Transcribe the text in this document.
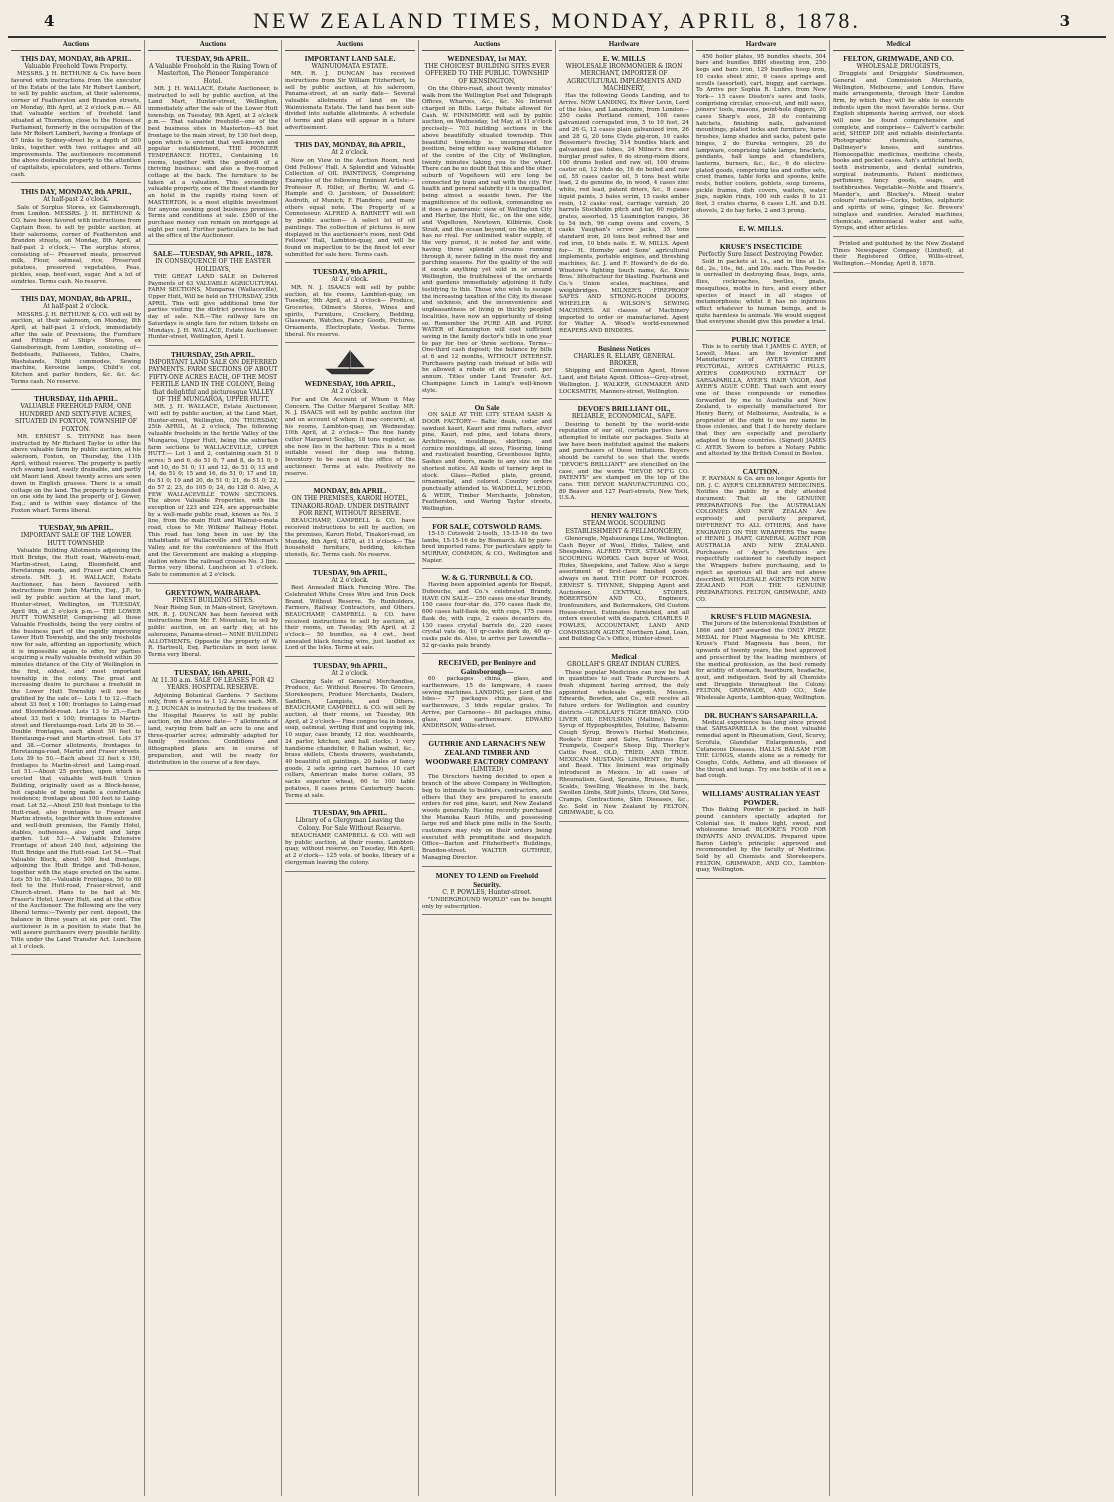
4	NEW ZEALAND TIMES, MONDAY, APRIL 8, 1878.	3
Auctions
THIS DAY, MONDAY, 8th APRIL.
Valuable Freehold Town Property.
MESSRS. J. H. BETHUNE & Co. have been favored with instructions from the executor of the Estate of the late Mr Robert Lambert, to sell by public auction, at their salerooms, corner of Featherston and Brandon streets, on Monday, 8th April, at 2 o'clock p.m.— All that valuable section of freehold land situated at Thorndon, close to the Houses of Parliament, formerly in the occupation of the late Mr Robert Lambert, having a frontage of 67 links to Sydney-street by a depth of 300 links, together with two cottages and all improvements. The auctioneers recommend the above desirable property to the attention of capitalists, speculators, and others. Terms cash.
THIS DAY, MONDAY, 8th APRIL,
At half-past 2 o'clock.
Sale of Surplus Stores, ex Gainsborough, from London. MESSRS. J. H. BETHUNE & CO. have been favored with instructions from Captain Bose, to sell by public auction, at their salerooms, corner of Featherston and Brandon streets, on Monday, 8th April, at half-past 2 o'clock,— The surplus stores, consisting of— Preserved meats, preserved milk, Flour, oatmeal, rice, Preserved potatoes, preserved vegetables, Peas, pickles, soap, beef-suet, sugar, And a lot of sundries. Terms cash. No reserve.
THIS DAY, MONDAY, 8th APRIL,
At half-past 2 o'clock.
MESSRS. J. H. BETHUNE & CO. will sell by auction, at their saleroom, on Monday, 8th April, at half-past 2 o'clock, immediately after the sale of Provisions, the Furniture and Fittings of Ship's Stores, ex Gainsborough, from London, consisting of— Bedsteads, Palliasses, Tables, Chairs, Washstands, Night commodes, Sewing machine, Kerosine lamps, Child's cot, Kitchen and parlor fenders, &c. &c. &c. Terms cash. No reserve.
THURSDAY, 11th APRIL.
VALUABLE FREEHOLD FARM, ONE HUNDRED AND SIXTY-FIVE ACRES, SITUATED IN FOXTON, TOWNSHIP OF FOXTON.
MR. ERNEST S. THYNNE has been instructed by Mr Richard Taylor to offer the above valuable farm by public auction, at his saleroom, Foxton, on Thursday, the 11th April, without reserve. The property is partly rich swamp land, easily drainable, and partly old Maori land. About twenty acres are sown down in English grasses. There is a small cottage on the land. The property is bounded on one side by land the property of J. Gower, Esq.; and is within easy distance of the Foxton wharf. Terms liberal.
TUESDAY, 9th APRIL.
IMPORTANT SALE OF THE LOWER HUTT TOWNSHIP.
Valuable Building Allotments adjoining the Hutt Bridge, the Hutt road, Waiwetu-road, Martin-street, Laing, Bloomfield, and Heretaunga roads, and Fraser and Church streets. MR. J. H. WALLACE, Estate Auctioneer, has been favoured with instructions from John Martin, Esq., J.P., to sell by public auction at the land mart, Hunter-street, Wellington, on TUESDAY, April 9th, at 2 o'clock p.m.— THE LOWER HUTT TOWNSHIP, Comprising all those Valuable Freeholds, being the very centre of the business part of the rapidly improving Lower Hutt Township, and the only freeholds now for sale, affording an opportunity, which it is impossible again to offer, for parties acquiring a really valuable freehold within 30 minutes distance of the City of Wellington in the first, oldest, and most important township in the colony. The great and increasing desire to purchase a freehold in the Lower Hutt Township will now be gratified by the sale of— Lots 1 to 12.—Each about 33 feet x 100; frontages to Laing-road and Bloomfield-road. Lots 13 to 25.—Each about 33 feet x 100; frontages to Martin-street and Heretaunga-road. Lots 26 to 36.—Double frontages, each about 50 feet to Heretaunga-road and Martin-street. Lots 37 and 38.—Corner allotments, frontages to Heretaunga-road, Martin and Fraser streets. Lots 39 to 50.—Each about 33 feet x 150, frontages to Martin-street and Laing-road. Lot 51.—About 25 perches, upon which is erected that valuable well-built Union Building, originally used as a Block-house, but capable of being made a comfortable residence; frontage about 100 feet to Laing-road. Lot 52.—About 250 feet frontage to the Hutt-road, also frontages to Fraser and Martin streets, together with those extensive and well-built premises, the Family Hotel, stables, outhouses, also yard and large garden. Lot 53.—A Valuable Extensive Frontage of about 240 feet, adjoining the Hutt Bridge and the Hutt-road. Lot 54.—That Valuable Block, about 500 feet frontage, adjoining the Hutt Bridge and Toll-house, together with the stage erected on the same. Lots 55 to 58.—Valuable Frontages, 50 to 60 feet to the Hutt-road, Fraser-street, and Church-street. Plans to be had at Mr. Fraser's Hotel, Lower Hutt, and at the office of the Auctioneer. The following are the very liberal terms:—Twenty per cent. deposit, the balance in three years at six per cent. The auctioneer is in a position to state that he will assure purchasers every possible facility. Title under the Land Transfer Act. Luncheon at 1 o'clock.
Auctions
TUESDAY, 9th APRIL.
A Valuable Freehold in the Rising Town of Masterton, The Pioneer Temperance Hotel.
MR. J. H. WALLACE, Estate Auctioneer, is instructed to sell by public auction, at the Land Mart, Hunter-street, Wellington, immediately after the sale of the Lower Hutt township, on Tuesday, 9th April, at 2 o'clock p.m.— That valuable freehold—one of the best business sites in Masterton—45 feet frontage to the main street, by 130 feet deep, upon which is erected that well-known and popular establishment, THE PIONEER TEMPERANCE HOTEL, Containing 16 rooms, together with the goodwill of a thriving business; and also a five-roomed cottage at the back. The furniture to be taken at a valuation. This exceedingly valuable property, one of the finest stands for an hotel in the rapidly rising town of MASTERTON, is a most eligible investment for anyone seeking good business premises. Terms and conditions at sale. £500 of the purchase money can remain on mortgage at eight per cent. Further particulars to be had at the office of the Auctioneer.
SALE—TUESDAY, 9th APRIL, 1878.
IN CONSEQUENCE OF THE EASTER HOLIDAYS,
THE GREAT LAND SALE on Deferred Payments of 63 VALUABLE AGRICULTURAL FARM SECTIONS, Mungaroa (Wallaceville), Upper Hutt, Will be held on THURSDAY, 25th APRIL. This will give additional time for parties visiting the district previous to the day of sale. N.B.—The railway fare on Saturdays is single fare for return tickets on Mondays. J. H. WALLACE, Estate Auctioneer. Hunter-street, Wellington, April 1.
THURSDAY, 25th APRIL.
IMPORTANT LAND SALE ON DEFERRED PAYMENTS. FARM SECTIONS OF ABOUT FIFTY-ONE ACRES EACH, OF THE MOST FERTILE LAND IN THE COLONY, Being that delightful and picturesque VALLEY OF THE MUNGAROA, UPPER HUTT.
MR. J. H. WALLACE, Estate Auctioneer, will sell by public auction, at the Land Mart, Hunter-street, Wellington, ON THURSDAY, 25th APRIL, At 2 o'clock, The following valuable freeholds in the fertile Valley of the Mungaroa, Upper Hutt, being the suburban farm sections to WALLACEVILLE, UPPER HUTT:— Lot 1 and 2, containing each 51 0 acres; 5 and 6, do 51 0; 7 and 8, do 51 0; 9 and 10, do 51 0; 11 and 12, do 51 0; 13 and 14, do 51 0; 15 and 16, do 51 0; 17 and 18, do 51 0; 19 and 20, do 51 0; 21, do 51 0; 22, do 57 2; 23, do 105 0; 24, do 128 0. Also, A FEW WALLACEVILLE TOWN SECTIONS. The above Valuable Properties, with the exception of 223 and 224, are approachable by a well-made public road, known as No. 3 line, from the main Hutt and Wainui-o-mata road, close to Mr. Wilkins' Railway Hotel. This road has long been in use by the inhabitants of Wallaceville and Whiteman's Valley, and for the convenience of the Hutt and the Government are making a stopping-station where the railroad crosses No. 3 line. Terms very liberal. Luncheon at 1 o'clock. Sale to commence at 2 o'clock.
GREYTOWN, WAIRARAPA.
FINEST BUILDING SITES.
Near Rising Sun, in Main-street, Greytown. MR. R. J. DUNCAN has been favored with instructions from Mr. F. Mountain, to sell by public auction, on an early day, at his salerooms, Panama-street— NINE BUILDING ALLOTMENTS, Opposite the property of W. R. Hartwell, Esq. Particulars in next issue. Terms very liberal.
TUESDAY, 16th APRIL,
At 11.30 a.m. SALE OF LEASES FOR 42 YEARS. HOSPITAL RESERVE.
Adjoining Botanical Gardens. 7 Sections only, from 4 acres to 1 1/2 Acres each. MR. R. J. DUNCAN is instructed by the trustees of the Hospital Reserve to sell by public auction, on the above date— 7 allotments of land, varying from half an acre to one and three-quarter acres; admirably adapted for family residences. Conditions and lithographed plans are in course of preparation, and will be ready for distribution in the course of a few days.
Auctions
IMPORTANT LAND SALE.
WAINUIOMATA ESTATE.
MR. R. J. DUNCAN has received instructions from Sir William Fitzherbert, to sell by public auction, at his saleroom, Panama-street, at an early date— Several valuable allotments of land on the Wainuiomata Estate. The land has been sub-divided into suitable allotments. A schedule of terms and plans will appear in a future advertisement.
THIS DAY, MONDAY, 8th APRIL,
At 2 o'clock.
Now on View in the Auction Room, next Odd Fellows' Hall. A Splendid and Valuable Collection of OIL PAINTINGS, Comprising Examples of the following Eminent Artists:—Professor R. Hiller, of Berlin; W. and G. Hample and O. Jacobsen, of Dusseldorf; Audroth, of Munich; F. Flanders; and many others equal note. The Property of a Connoisseur. ALFRED A. BARNETT will sell by public auction— A select lot of oil paintings. The collection of pictures is now displayed in the auctioneer's room, next Odd Fellows' Hall, Lambton-quay, and will be found on inspection to be the finest lot ever submitted for sale here. Terms cash.
TUESDAY, 9th APRIL,
At 2 o'clock.
MR. N. J. ISAACS will sell by public auction, at his rooms, Lambton-quay, on Tuesday, 9th April, at 2 o'clock— Produce, Groceries, Oilmen's Stores, Wines and spirits, Furniture, Crockery, Bedding, Glassware, Watches, Fancy Goods, Pictures, Ornaments, Electroplate, Vestas. Terms liberal. No reserve.
WEDNESDAY, 10th APRIL,
At 2 o'clock.
For and On Account of Whom it May Concern. The Cutter Margaret Scollay. MR. N. J. ISAACS will sell by public auction (for and on account of whom it may concern), at his rooms, Lambton-quay, on Wednesday, 10th April, at 2 o'clock— The fine handy cutter Margaret Scollay, 18 tons register, as she now lies in the harbour. This is a most suitable vessel for deep sea fishing. Inventory to be seen at the office of the auctioneer. Terms at sale. Positively no reserve.
MONDAY, 8th APRIL.
ON THE PREMISES, KARORI HOTEL, TINAKORI-ROAD. UNDER DISTRAINT FOR RENT, WITHOUT RESERVE.
BEAUCHAMP, CAMPBELL & CO. have received instructions to sell by auction, on the premises, Karori Hotel, Tinakori-road, on Monday, 8th April, 1878, at 11 o'clock— The household furniture, bedding, kitchen utensils, &c. Terms cash. No reserve.
TUESDAY, 9th APRIL,
At 2 o'clock.
Best Annealed Black Fencing Wire. The Celebrated White Cross Wire and Iron Dock Brand. Without Reserve. To Runholders, Farmers, Railway Contractors, and Others. BEAUCHAMP, CAMPBELL & CO. have received instructions to sell by auction, at their rooms, on Tuesday, 9th April, at 2 o'clock— 50 bundles, ea 4 cwt., best annealed black fencing wire, just landed ex Lord of the Isles. Terms at sale.
TUESDAY, 9th APRIL,
At 2 o'clock.
Clearing Sale of General Merchandise, Produce, &c. Without Reserve. To Grocers, Storekeepers, Produce Merchants, Dealers, Saddlers, Lampists, and Others. BEAUCHAMP, CAMPBELL & CO. will sell by auction, at their rooms, on Tuesday, 9th April, at 2 o'clock— Fine congou tea in boxes, soap, oatmeal, writing fluid and copying ink, 10 sugar, case brandy, 12 doz. washboards, 24 parlor, kitchen, and hall clocks, 1 very handsome chandelier, 6 Italian walnut, &c., brass skillets, Chests drawers, washstands, 40 beautiful oil paintings, 20 bales of fancy goods, 2 sets spring cart harness, 10 cart collars, American make horse collars, 95 sacks superior wheat, 60 to 100 table potatoes, 8 cases prime Canterbury bacon. Terms at sale.
TUESDAY, 9th APRIL.
Library of a Clergyman Leaving the Colony. For Sale Without Reserve.
BEAUCHAMP, CAMPBELL & CO. will sell by public auction, at their rooms, Lambton-quay, without reserve, on Tuesday, 9th April, at 2 o'clock— 125 vols. of books, library of a clergyman leaving the colony.
Auctions
WEDNESDAY, 1st MAY.
THE CHOICEST BUILDING SITES EVER OFFERED TO THE PUBLIC. TOWNSHIP OF KENSINGTON,
On the Ohiro-road, about twenty minutes' walk from the Wellington Post and Telegraph Offices, Wharves, &c., &c. No Interest charged on Bills. Large Rebate allowed for Cash. W. FINNIMORE will sell by public auction, on Wednesday, 1st May, at 11 o'clock precisely— 703 building sections in the above beautifully situated township. This beautiful township is unsurpassed for position, being within easy walking distance of the centre of the City of Wellington, twenty minutes taking you to the wharf. There can be no doubt that this and the other suburb of Vogeltown will ere long be connected by tram and rail with the city. For health and general salubrity it is unequalled, being almost a seaside town. For the magnificence of its outlook, commanding as it does a panoramic view of Wellington City and Harbor, the Hutt, &c., on the one side, and Vogeltown, Newtown, Kilbirnie, Cook Strait, and the ocean beyond, on the other, it has no rival. For unlimited water supply, of the very purest, it is noted far and wide, having three splendid streams running through it, never failing in the most dry and parching seasons. For the quality of the soil it excels anything yet sold in or around Wellington, the fruitfulness of the orchards and gardens immediately adjoining it fully testifying to this. Those who wish to escape the increasing taxation of the City, its disease and sickness, and the inconvenience and unpleasantness of living in thickly peopled localities, have now an opportunity of doing so. Remember the PURE AIR and PURE WATER of Kensington will cost sufficient saving in the family doctor's bills in one year to pay for two or three sections. Terms— One-third cash deposit; the balance by bills at 6 and 12 months, WITHOUT INTEREST. Purchasers paying cash instead of bills will be allowed a rebate of six per cent. per annum. Titles under Land Transfer Act. Champagne Lunch in Laing's well-known style.
On Sale
ON SALE AT THE CITY STEAM SASH & DOOR FACTORY— Baltic deals, cedar and sawdust kauri, Kauri and rimu rafters, silver pine, Kauri, red pine, and totara doors, Architraves, mouldings, skirtings, and cornice mouldings, all sizes, Flooring, lining and rusticated boarding, Greenhouse lights, Sashes and doors, made to any size on the shortest notice. All kinds of turnery kept in stock. Glass—Rolled plate, ground, ornamental, and colored. Country orders punctually attended to. WADDELL, M'LEOD, & WEIR, Timber Merchants, Johnston, Featherston, and Waring Taylor streets, Wellington.
FOR SALE, COTSWOLD RAMS.
15-15 Cotswold 2-tooth, 15-15-16 do two lambs, 15-15-16 do by Bismarck. All by pure-bred imported rams. For particulars apply to MURRAY, COMMON, & CO., Wellington and Napier.
W. & G. TURNBULL & CO.
Having been appointed agents for Bisquit, Dubouche, and Co.'s celebrated Brandy, HAVE ON SALE— 250 cases one-star brandy, 150 cases four-star do, 370 cases flask do, 600 cases half-flask do, with cups, 175 cases flask do, with cups, 2 cases decanters do, 130 cases crystal barrels do, 220 cases crystal vats do, 10 qr-casks dark do, 40 qr-casks pale do. Also, to arrive per Lowendla— 52 qr-casks pale brandy.
RECEIVED, per Beninyre and Gainsborough—
60 packages china, glass, and earthenware, 15 do lampware, 4 cases sewing machines. LANDING, per Lord of the Isles— 77 packages china, glass, and earthenware, 3 bhds regular grates. To Arrive, per Carnoone— 80 packages china, glass, and earthenware. EDWARD ANDERSON, Willis-street.
GUTHRIE AND LARNACH'S NEW ZEALAND TIMBER AND WOODWARE FACTORY COMPANY
(LIMITED)
The Directors having decided to open a branch of the above Company in Wellington, beg to intimate to builders, contractors, and others that they are prepared to execute orders for red pine, kauri, and New Zealand woods generally. Having recently purchased the Manuka Kauri Mills, and possessing large red and black pine mills in the South, customers may rely on their orders being executed with promptitude and despatch. Office—Barton and Fitzherbert's Buildings, Brandon-street. WALTER GUTHRIE, Managing Director.
MONEY TO LEND on Freehold Security.
C. P. POWLES, Hunter-street.
"UNDERGROUND WORLD" can be bought only by subscription.
Hardware
E. W. MILLS
WHOLESALE IRONMONGER & IRON MERCHANT, IMPORTER OF AGRICULTURAL IMPLEMENTS AND MACHINERY,
Has the following Goods Landing, and to Arrive. NOW LANDING, Ex River Levin, Lord of the Isles, and Lanarkshire, from London— 250 casks Portland cement, 108 cases galvanized corrugated iron, 5 to 10 feet, 24 and 26 G, 12 cases plain galvanized iron, 26 and 28 G, 20 tons Clyde pig-iron, 10 casks Bessemer's fireclay, 514 bundles black and galvanized gas tubes, 24 Milner's fire and burglar proof safes, 6 do strong-room doors, 100 drums boiled and raw oil, 100 drums castor oil, 12 hhds do, 16 do boiled and raw oil, 55 cases castor oil, 5 tons best white lead, 2 do genuine do, in wood, 4 cases zinc white, red lead, patent driers, &c., 8 cases liquid paints, 3 bales scrim, 15 casks amber resin, 12 casks coal, carriage varnish, 20 barrels Stockholm pitch and tar, 60 register grates, assorted, 15 Leamington ranges, 36 to 54 inch, 96 camp ovens and covers, 5 casks Vaughan's screw jacks, 35 tons standard iron, 20 tons best refined bar and rod iron, 10 bhds nails. E. W. MILLS. Agent for— H. Hornsby and Sons' agricultural implements, portable engines, and threshing machines, &c. J. and F. Howard's do do do. Winstow's fighting touch name, &c. Kreis Bros.' lithofracteur for blasting. Fairbank and Co.'s Union scales, machines, and weighbridges. MILNER'S FIREPROOF SAFES AND STRONG-ROOM DOORS, WHEELER & WILSON'S SEWING MACHINES. All classes of Machinery imported to order or manufactured. Agent for Walter A. Wood's world-renowned REAPERS AND BINDERS.
Business Notices
CHARLES R. ELLABY, GENERAL BROKER,
Shipping and Commission Agent, House Land, and Estate Agent. Offices—Grey-street, Wellington. J. WALKER, GUNMAKER AND LOCKSMITH, Manners-street, Wellington.
DEVOE'S BRILLIANT OIL,
RELIABLE, ECONOMICAL, SAFE.
Desiring to benefit by the world-wide reputation of our oil, certain parties have attempted to imitate our packages. Suits at law have been instituted against the makers and purchasers of these imitations. Buyers should be careful to see that the words "DEVOE'S BRILLIANT" are stencilled on the case, and the words "DEVOE M'F'G CO. PATENTS" are stamped on the top of the cans. THE DEVOE MANUFACTURING CO., 80 Beaver and 127 Pearl-streets, New York, U.S.A.
HENRY WALTON'S
STEAM WOOL SCOURING ESTABLISHMENT & FELLMONGERY,
Glenorugle, Ngahauranga Line, Wellington. Cash Buyer of Wool, Hides, Tallow, and Sheepskins. ALFRED TYER, STEAM WOOL SCOURING WORKS. Cash buyer of Wool, Hides, Sheepskins, and Tallow. Also a large assortment of first-class finished goods always on hand. THE PORT OF FOXTON. ERNEST S. THYNNE, Shipping Agent and Auctioneer, CENTRAL STORES. ROBERTSON AND CO., Engineers, Ironfounders, and Boilermakers, Old Custom House-street. Estimates furnished, and all orders executed with despatch. CHARLES P. FOWLES, ACCOUNTANT, LAND AND COMMISSION AGENT, Northern Land, Loan, and Building Co.'s Office, Hunter-street.
Medical
GROLLAH'S GREAT INDIAN CURES.
These popular Medicines can now be had in quantities to suit Trade Purchasers. A fresh shipment having arrived, the duly appointed wholesale agents, Messrs. Edwards, Bowden, and Co., will receive all future orders for Wellington and country districts.—GROLLAH'S TIGER BRAND. COD LIVER OIL EMULSION (Maltine), Bynin, Syrup of Hypophosphites, Tolutine, Balsamic Cough Syrup, Brown's Herbal Medicines, Rooke's Elixir and Salve, Sulfurous Ear Trumpets, Cooper's Sheep Dip, Thorley's Cattle Food. OLD, TRIED, AND TRUE. MEXICAN MUSTANG LINIMENT for Man and Beast. This liniment was originally introduced in Mexico. In all cases of Rheumatism, Gout, Sprains, Bruises, Burns, Scalds, Swelling, Weakness in the back, Swollen Limbs, Stiff Joints, Ulcers, Old Sores, Cramps, Contractions, Skin Diseases, &c., &c. Sold in New Zealand by FELTON, GRIMWADE, & CO.
Hardware
450 boiler plates, 95 bundles sheets, 304 bars and bundles BBH sheeting iron, 250 kegs and bars iron, 129 bundles hoop iron, 10 casks sheet zinc, 6 cases springs and scrolls (assorted), cart, buggy, and carriage. To Arrive per Sophia R. Luhrs, from New York— 15 cases Disston's saws and tools, comprising circular, cross-cut, and mill saws, joiners' tools, masons, point-hole diggers, 20 cases Sharp's axes, 28 do containing hatchets, finishing nails, galvanized mountings, plated locks and furniture, horse brushes, lamp shades and sacks, patent gate hinges, 2 do Eureka wringers, 20 do lampware, comprising table lamps, brackets, pendants, hall lamps and chandeliers, lanterns, burners, &c., &c., 6 do electro-plated goods, comprising tea and coffee sets, cruet frames, table forks and spoons, knife rests, butter coolers, goblets, soup tureens, pickle frames, dish covers, waiters, water jugs, napkin rings, 100 sub casks 8 to 21 feet, 3 crates churns, 6 cases L.H. and D.H. shovels, 2 do hay forks, 2 and 3 prong.
E. W. MILLS.
KRUSE'S INSECTICIDE
Perfectly Sure Insect Destroying Powder.
Sold in packets at 1s., and in tins at 1s. 6d., 2s., 10s., 6d., and 20s. each. This Powder is unrivalled in destroying fleas, bugs, ants, flies, cockroaches, beetles, gnats, mosquitoes, moths in furs, and every other species of insect in all stages of metamorphosis; whilst it has no injurious effect whatever to human beings, and is quite harmless to animals. We would suggest that everyone should give this powder a trial.
PUBLIC NOTICE
This is to certify that I JAMES C. AYER, of Lowell, Mass. am the Inventor and Manufacturer of AYER'S CHERRY PECTORAL, AYER'S CATHARTIC PILLS, AYER'S COMPOUND EXTRACT OF SARSAPARILLA, AYER'S HAIR VIGOR, And AYER'S AGUE CURE. That each and every one of these compounds or remedies forwarded by me to Australia and New Zealand, is especially manufactured for Henry Berry, of Melbourne, Australia, is a proprietor of the right to use my name in those colonies, and that I do hereby declare that they are especially and peculiarly adapted to those countries. (Signed) JAMES C. AYER. Sworn to before a Notary Public and attested by the British Consul in Boston.
CAUTION.
F. RAYMAN & Co. are no longer Agents for DR. J. C. AYER'S CELEBRATED MEDICINES. Notifies the public by a duly attested document: That all the GENUINE PREPARATIONS For the AUSTRALIAN COLONIES AND NEW ZEALAN Are expressly and peculiarly prepared, DIFFERENT TO ALL OTHERS, And have ENGRAVED ON THE WRAPPERS The name of HENRI J. HART, GENERAL AGENT FOR AUSTRALIA AND NEW ZEALAND. Purchasers of Ayer's Medicines are respectfully cautioned to carefully inspect the Wrappers before purchasing, and to reject as spurious all that are not above described. WHOLESALE AGENTS FOR NEW ZEALAND FOR THE GENUINE PREPARATIONS. FELTON, GRIMWADE, AND CO.
KRUSE'S FLUID MAGNESIA.
The Jurors of the Intercolonial Exhibition of 1866 and 1867 awarded the ONLY PRIZE MEDAL for Fluid Magnesia to Mr. KRUSE. Kruse's Fluid Magnesia has been, for upwards of twenty years, the best approved and prescribed by the leading members of the medical profession, as the best remedy for acidity of stomach, heartburn, headache, gout, and indigestion. Sold by all Chemists and Druggists throughout the Colony. FELTON, GRIMWADE, AND CO., Sole Wholesale Agents, Lambton-quay, Wellington.
DR. BUCHAN'S SARSAPARILLA.
Medical experience has long since proved that SARSAPARILLA is the most valuable remedial agent in Rheumatism, Gout, Scurvy, Scrofula, Glandular Enlargements, and Cutaneous Diseases. HALL'S BALSAM FOR THE LUNGS, stands alone as a remedy for Coughs, Colds, Asthma, and all diseases of the throat and lungs. Try one bottle of it on a bad cough.
WILLIAMS' AUSTRALIAN YEAST POWDER.
This Baking Powder is packed in half-pound canisters specially adapted for Colonial use. It makes light, sweet, and wholesome bread. BLOOKE'S FOOD FOR INFANTS AND INVALIDS. Prepared upon Baron Liebig's principle: approved and recommended by the faculty of Medicine. Sold by all Chemists and Storekeepers. FELTON, GRIMWADE, AND CO., Lambton-quay, Wellington.
Medical
FELTON, GRIMWADE, AND CO.
WHOLESALE DRUGGISTS,
Druggists and Druggists' Sundriesmen, General and Commission Merchants, Wellington, Melbourne, and London. Have made arrangements, through their London firm, by which they will be able to execute indents upon the most favorable terms. Our English shipments having arrived, our stock will now be found comprehensive and complete, and comprises— Calvert's carbolic acid, SHEEP DIP, and reliable disinfectants. Photographic chemicals, cameras, Dallmeyer's lenses, and sundries. Homoeopathic medicines, medicine chests, books and pocket cases. Ash's artificial teeth, teeth instruments, and dental sundries, surgical instruments. Patent medicines, perfumery, fancy goods, soaps, and toothbrushes. Vegetable—Noble and Hoare's, Mander's, and Blockey's. Mixed water colours' materials—Corks, bottles, sulphuric and spirits of wine, ginger, &c. Brewers' isinglass and sundries. Aerated machines, chemicals, ammoniacal water and salts, Syrups, and other articles.
Printed and published by the New Zealand Times Newspaper Company (Limited), at their Registered Office, Willis-street, Wellington.—Monday, April 8, 1878.
